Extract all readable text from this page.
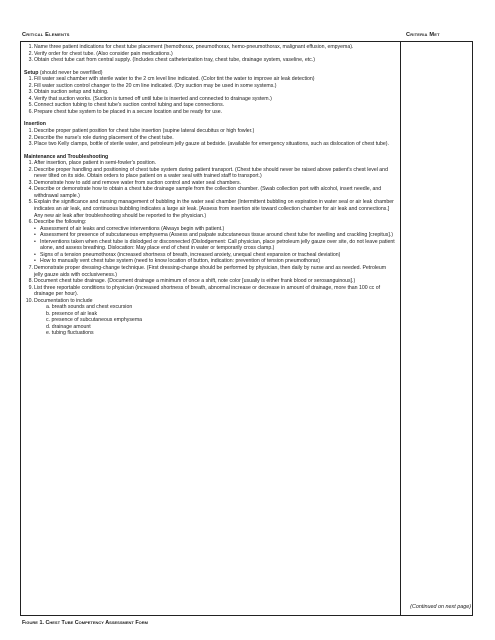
Critical Elements	Criteria Met
1. Name three patient indications for chest tube placement (hemothorax, pneumothorax, hemo-pneumothorax, malignant effusion, empyema).
2. Verify order for chest tube. (Also consider pain medications.)
3. Obtain chest tube cart from central supply. (Includes chest catheterization tray, chest tube, drainage system, vaseline, etc.)
Setup (should never be overfilled)
1. Fill water seal chamber with sterile water to the 2 cm level line indicated. (Color tint the water to improve air leak detection)
2. Fill water suction control changer to the 20 cm line indicated. (Dry suction may be used in some systems.)
3. Obtain suction setup and tubing.
4. Verify that suction works. (Suction is turned off until tube is inserted and connected to drainage system.)
5. Connect suction tubing to chest tube's suction control tubing and tape connections.
6. Prepare chest tube system to be placed in a secure location and be ready for use.
Insertion
1. Describe proper patient position for chest tube insertion (supine lateral decubitus or high fowler.)
2. Describe the nurse's role during placement of the chest tube.
3. Place two Kelly clamps, bottle of sterile water, and petroleum jelly gauze at bedside. (available for emergency situations, such as dislocation of chest tube).
Maintenance and Troubleshooting
1. After insertion, place patient in semi-fowler's position.
2. Describe proper handling and positioning of chest tube system during patient transport. (Chest tube should never be raised above patient's chest level and never tilted on its side. Obtain orders to place patient on a water seal with trained staff to transport.)
3. Demonstrate how to add and remove water from suction control and water seal chambers.
4. Describe or demonstrate how to obtain a chest tube drainage sample from the collection chamber. (Swab collection port with alcohol, insert needle, and withdrawal sample.)
5. Explain the significance and nursing management of bubbling in the water seal chamber (Intermittent bubbling on expiration in water seal or air leak chamber indicates an air leak, and continuous bubbling indicates a large air leak. [Assess from insertion site toward collection chamber for air leak and connections.] Any new air leak after troubleshooting should be reported to the physician.)
6. Describe the following:
• Assessment of air leaks and corrective interventions (Always begin with patient.)
• Assessment for presence of subcutaneous emphysema (Assess and palpate subcutaneous tissue around chest tube for swelling and crackling [crepitus].)
• Interventions taken when chest tube is dislodged or disconnected (Dislodgement: Call physician, place petroleum jelly gauze over site, do not leave patient alone, and assess breathing. Dislocation: May place end of chest in water or temporarily cross clamp.)
• Signs of a tension pneumothorax (increased shortness of breath, increased anxiety, unequal chest expansion or tracheal deviation)
• How to manually vent chest tube system (need to know location of button, indication: prevention of tension pneumothorax)
7. Demonstrate proper dressing-change technique. (First dressing-change should be performed by physician, then daily by nurse and as needed. Petroleum jelly gauze aids with occlusiveness.)
8. Document chest tube drainage. (Document drainage a minimum of once a shift, note color [usually is either frank blood or serosanguinous].)
9. List three reportable conditions to physician (increased shortness of breath, abnormal increase or decrease in amount of drainage, more than 100 cc of drainage per hour).
10. Documentation to include
a. breath sounds and chest excursion
b. presence of air leak
c. presence of subcutaneous emphysema
d. drainage amount
e. tubing fluctuations
(Continued on next page)
Figure 1. Chest Tube Competency Assessment Form
